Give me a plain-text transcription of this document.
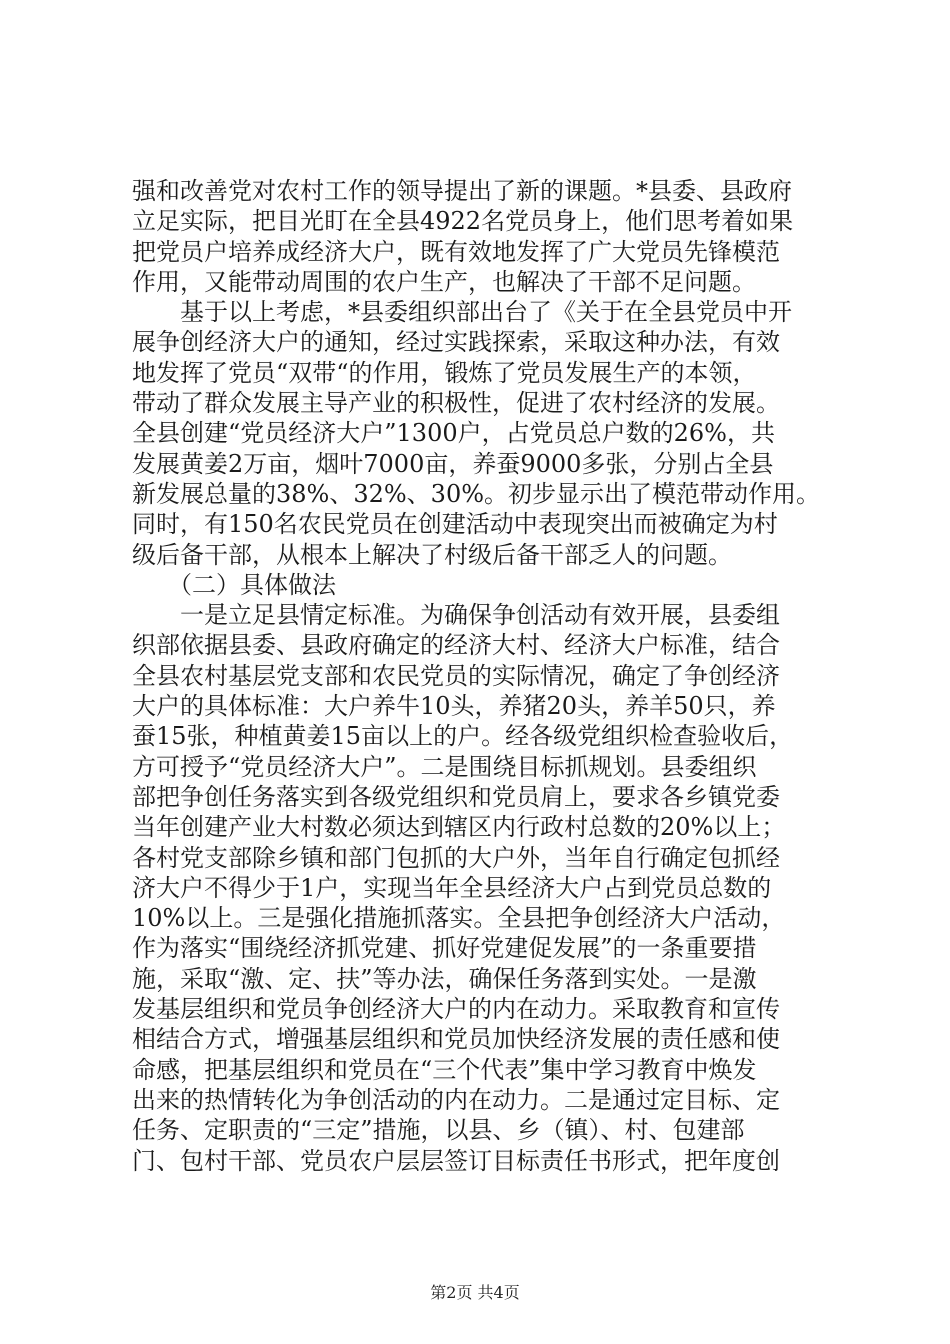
强和改善党对农村工作的领导提出了新的课题。*县委、县政府
立足实际，把目光盯在全县4922名党员身上，他们思考着如果
把党员户培养成经济大户，既有效地发挥了广大党员先锋模范
作用，又能带动周围的农户生产，也解决了干部不足问题。
　　基于以上考虑，*县委组织部出台了《关于在全县党员中开
展争创经济大户的通知，经过实践探索，采取这种办法，有效
地发挥了党员“双带“的作用，锻炼了党员发展生产的本领，
带动了群众发展主导产业的积极性，促进了农村经济的发展。
全县创建“党员经济大户”1300户，占党员总户数的26%，共
发展黄姜2万亩，烟叶7000亩，养蚕9000多张，分别占全县
新发展总量的38%、32%、30%。初步显示出了模范带动作用。
同时，有150名农民党员在创建活动中表现突出而被确定为村
级后备干部，从根本上解决了村级后备干部乏人的问题。
　　（二）具体做法
　　一是立足县情定标准。为确保争创活动有效开展，县委组
织部依据县委、县政府确定的经济大村、经济大户标准，结合
全县农村基层党支部和农民党员的实际情况，确定了争创经济
大户的具体标准：大户养牛10头，养猪20头，养羊50只，养
蚕15张，种植黄姜15亩以上的户。经各级党组织检查验收后，
方可授予“党员经济大户”。二是围绕目标抓规划。县委组织
部把争创任务落实到各级党组织和党员肩上，要求各乡镇党委
当年创建产业大村数必须达到辖区内行政村总数的20%以上；
各村党支部除乡镇和部门包抓的大户外，当年自行确定包抓经
济大户不得少于1户，实现当年全县经济大户占到党员总数的
10%以上。三是强化措施抓落实。全县把争创经济大户活动，
作为落实“围绕经济抓党建、抓好党建促发展”的一条重要措
施，采取“激、定、扶”等办法，确保任务落到实处。一是激
发基层组织和党员争创经济大户的内在动力。采取教育和宣传
相结合方式，增强基层组织和党员加快经济发展的责任感和使
命感，把基层组织和党员在“三个代表”集中学习教育中焕发
出来的热情转化为争创活动的内在动力。二是通过定目标、定
任务、定职责的“三定”措施，以县、乡（镇）、村、包建部
门、包村干部、党员农户层层签订目标责任书形式，把年度创
第2页 共4页
